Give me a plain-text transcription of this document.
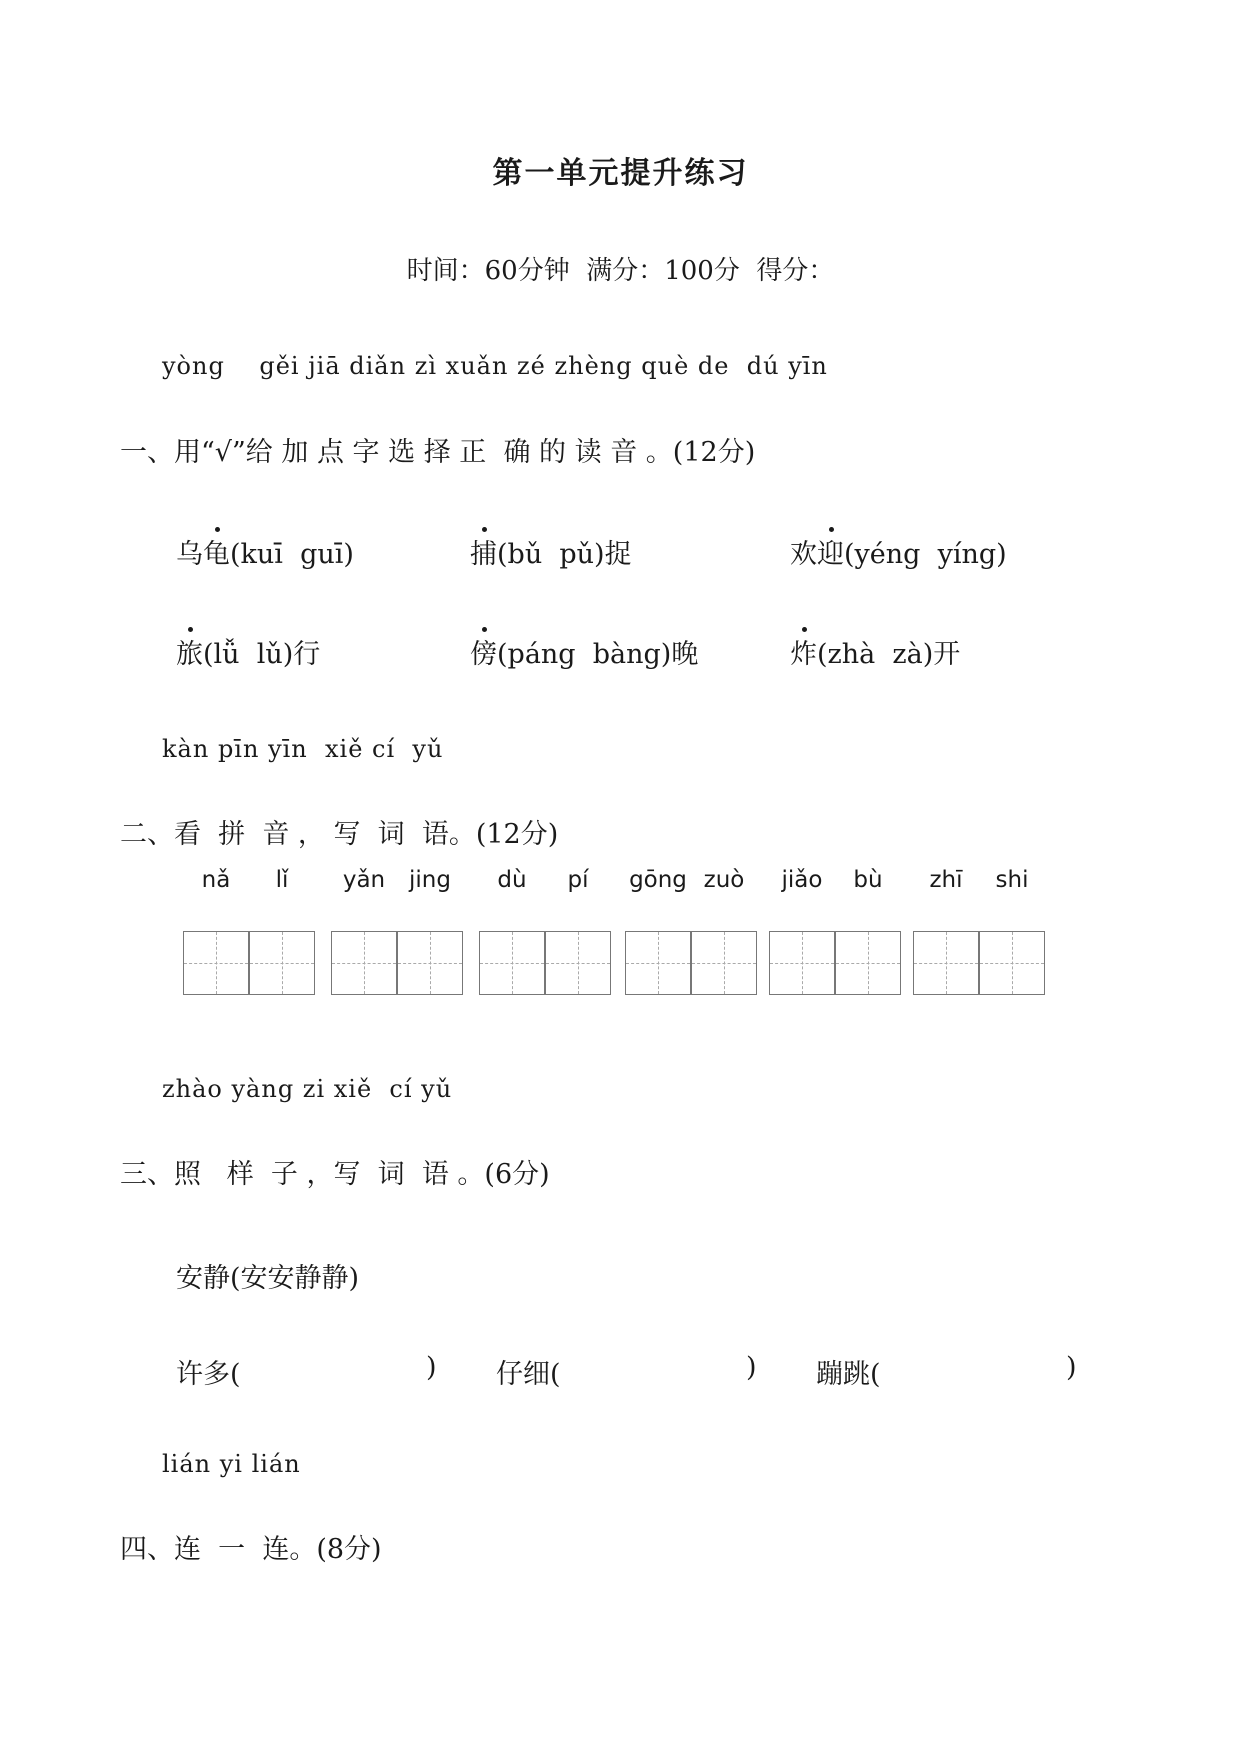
第一单元提升练习
时间：60分钟  满分：100分  得分：
yòng    gěi jiā diǎn zì xuǎn zé zhèng què de  dú yīn
一、用“√”给 加 点 字 选 择 正  确 的 读 音 。(12分)
乌龟(kuī  guī)	捕(bǔ  pǔ)捉	欢迎(yéng  yíng)
旅(lǚ  lǔ)行	傍(páng  bàng)晚	炸(zhà  zà)开
kàn pīn yīn  xiě cí  yǔ
二、看  拼  音 ， 写  词  语。(12分)
nǎ	lǐ	yǎn	jing	dù	pí	gōng zuò	jiǎo	bù	zhī	shi
zhào yàng zi xiě  cí yǔ
三、照   样  子 ，写  词  语 。(6分)
安静(安安静静)
许多(	) 仔细(	) 蹦跳(	)
lián yi lián
四、连  一  连。(8分)
